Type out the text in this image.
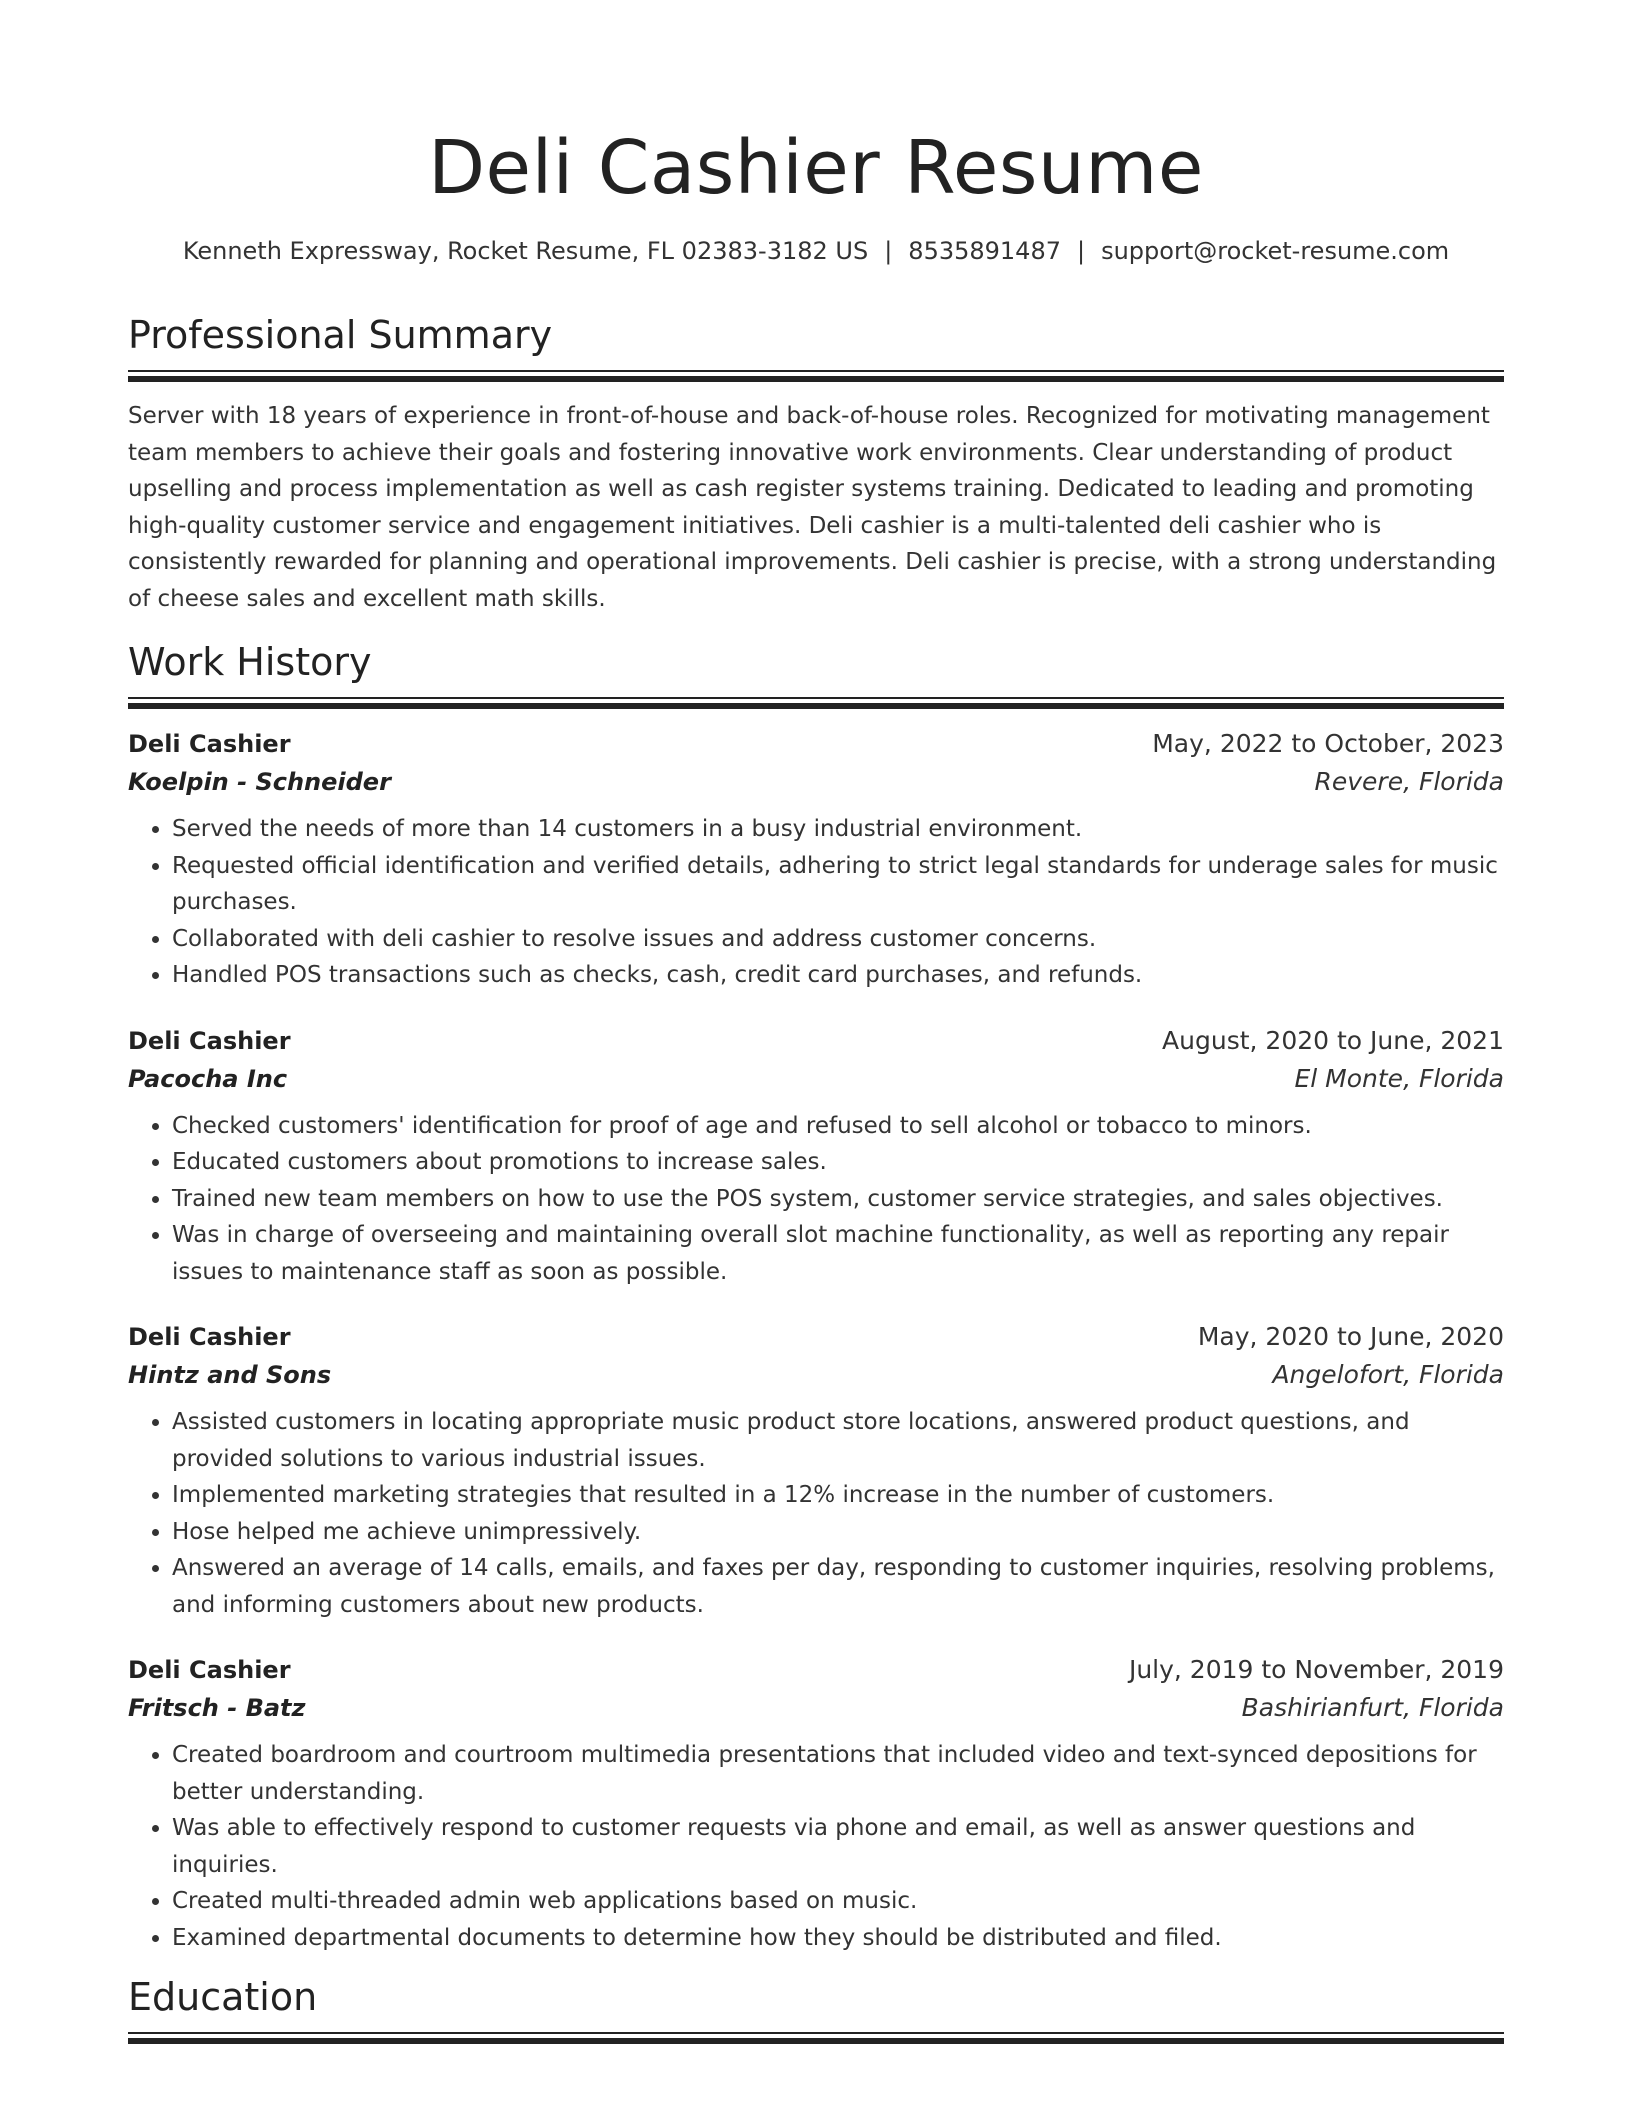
Deli Cashier Resume
Kenneth Expressway, Rocket Resume, FL 02383-3182 US | 8535891487 | support@rocket-resume.com
Professional Summary

Server with 18 years of experience in front-of-house and back-of-house roles. Recognized for motivating management team members to achieve their goals and fostering innovative work environments. Clear understanding of product upselling and process implementation as well as cash register systems training. Dedicated to leading and promoting high-quality customer service and engagement initiatives. Deli cashier is a multi-talented deli cashier who is consistently rewarded for planning and operational improvements. Deli cashier is precise, with a strong understanding of cheese sales and excellent math skills.

Work History
Deli Cashier	May, 2022 to October, 2023
Koelpin - Schneider	Revere, Florida
• Served the needs of more than 14 customers in a busy industrial environment.
• Requested official identification and verified details, adhering to strict legal standards for underage sales for music purchases.
• Collaborated with deli cashier to resolve issues and address customer concerns.
• Handled POS transactions such as checks, cash, credit card purchases, and refunds.
Deli Cashier	August, 2020 to June, 2021
Pacocha Inc	El Monte, Florida
• Checked customers' identification for proof of age and refused to sell alcohol or tobacco to minors.
• Educated customers about promotions to increase sales.
• Trained new team members on how to use the POS system, customer service strategies, and sales objectives.
• Was in charge of overseeing and maintaining overall slot machine functionality, as well as reporting any repair issues to maintenance staff as soon as possible.
Deli Cashier	May, 2020 to June, 2020
Hintz and Sons	Angelofort, Florida
• Assisted customers in locating appropriate music product store locations, answered product questions, and provided solutions to various industrial issues.
• Implemented marketing strategies that resulted in a 12% increase in the number of customers.
• Hose helped me achieve unimpressively.
• Answered an average of 14 calls, emails, and faxes per day, responding to customer inquiries, resolving problems, and informing customers about new products.
Deli Cashier	July, 2019 to November, 2019
Fritsch - Batz	Bashirianfurt, Florida
• Created boardroom and courtroom multimedia presentations that included video and text-synced depositions for better understanding.
• Was able to effectively respond to customer requests via phone and email, as well as answer questions and inquiries.
• Created multi-threaded admin web applications based on music.
• Examined departmental documents to determine how they should be distributed and filed.
Education
